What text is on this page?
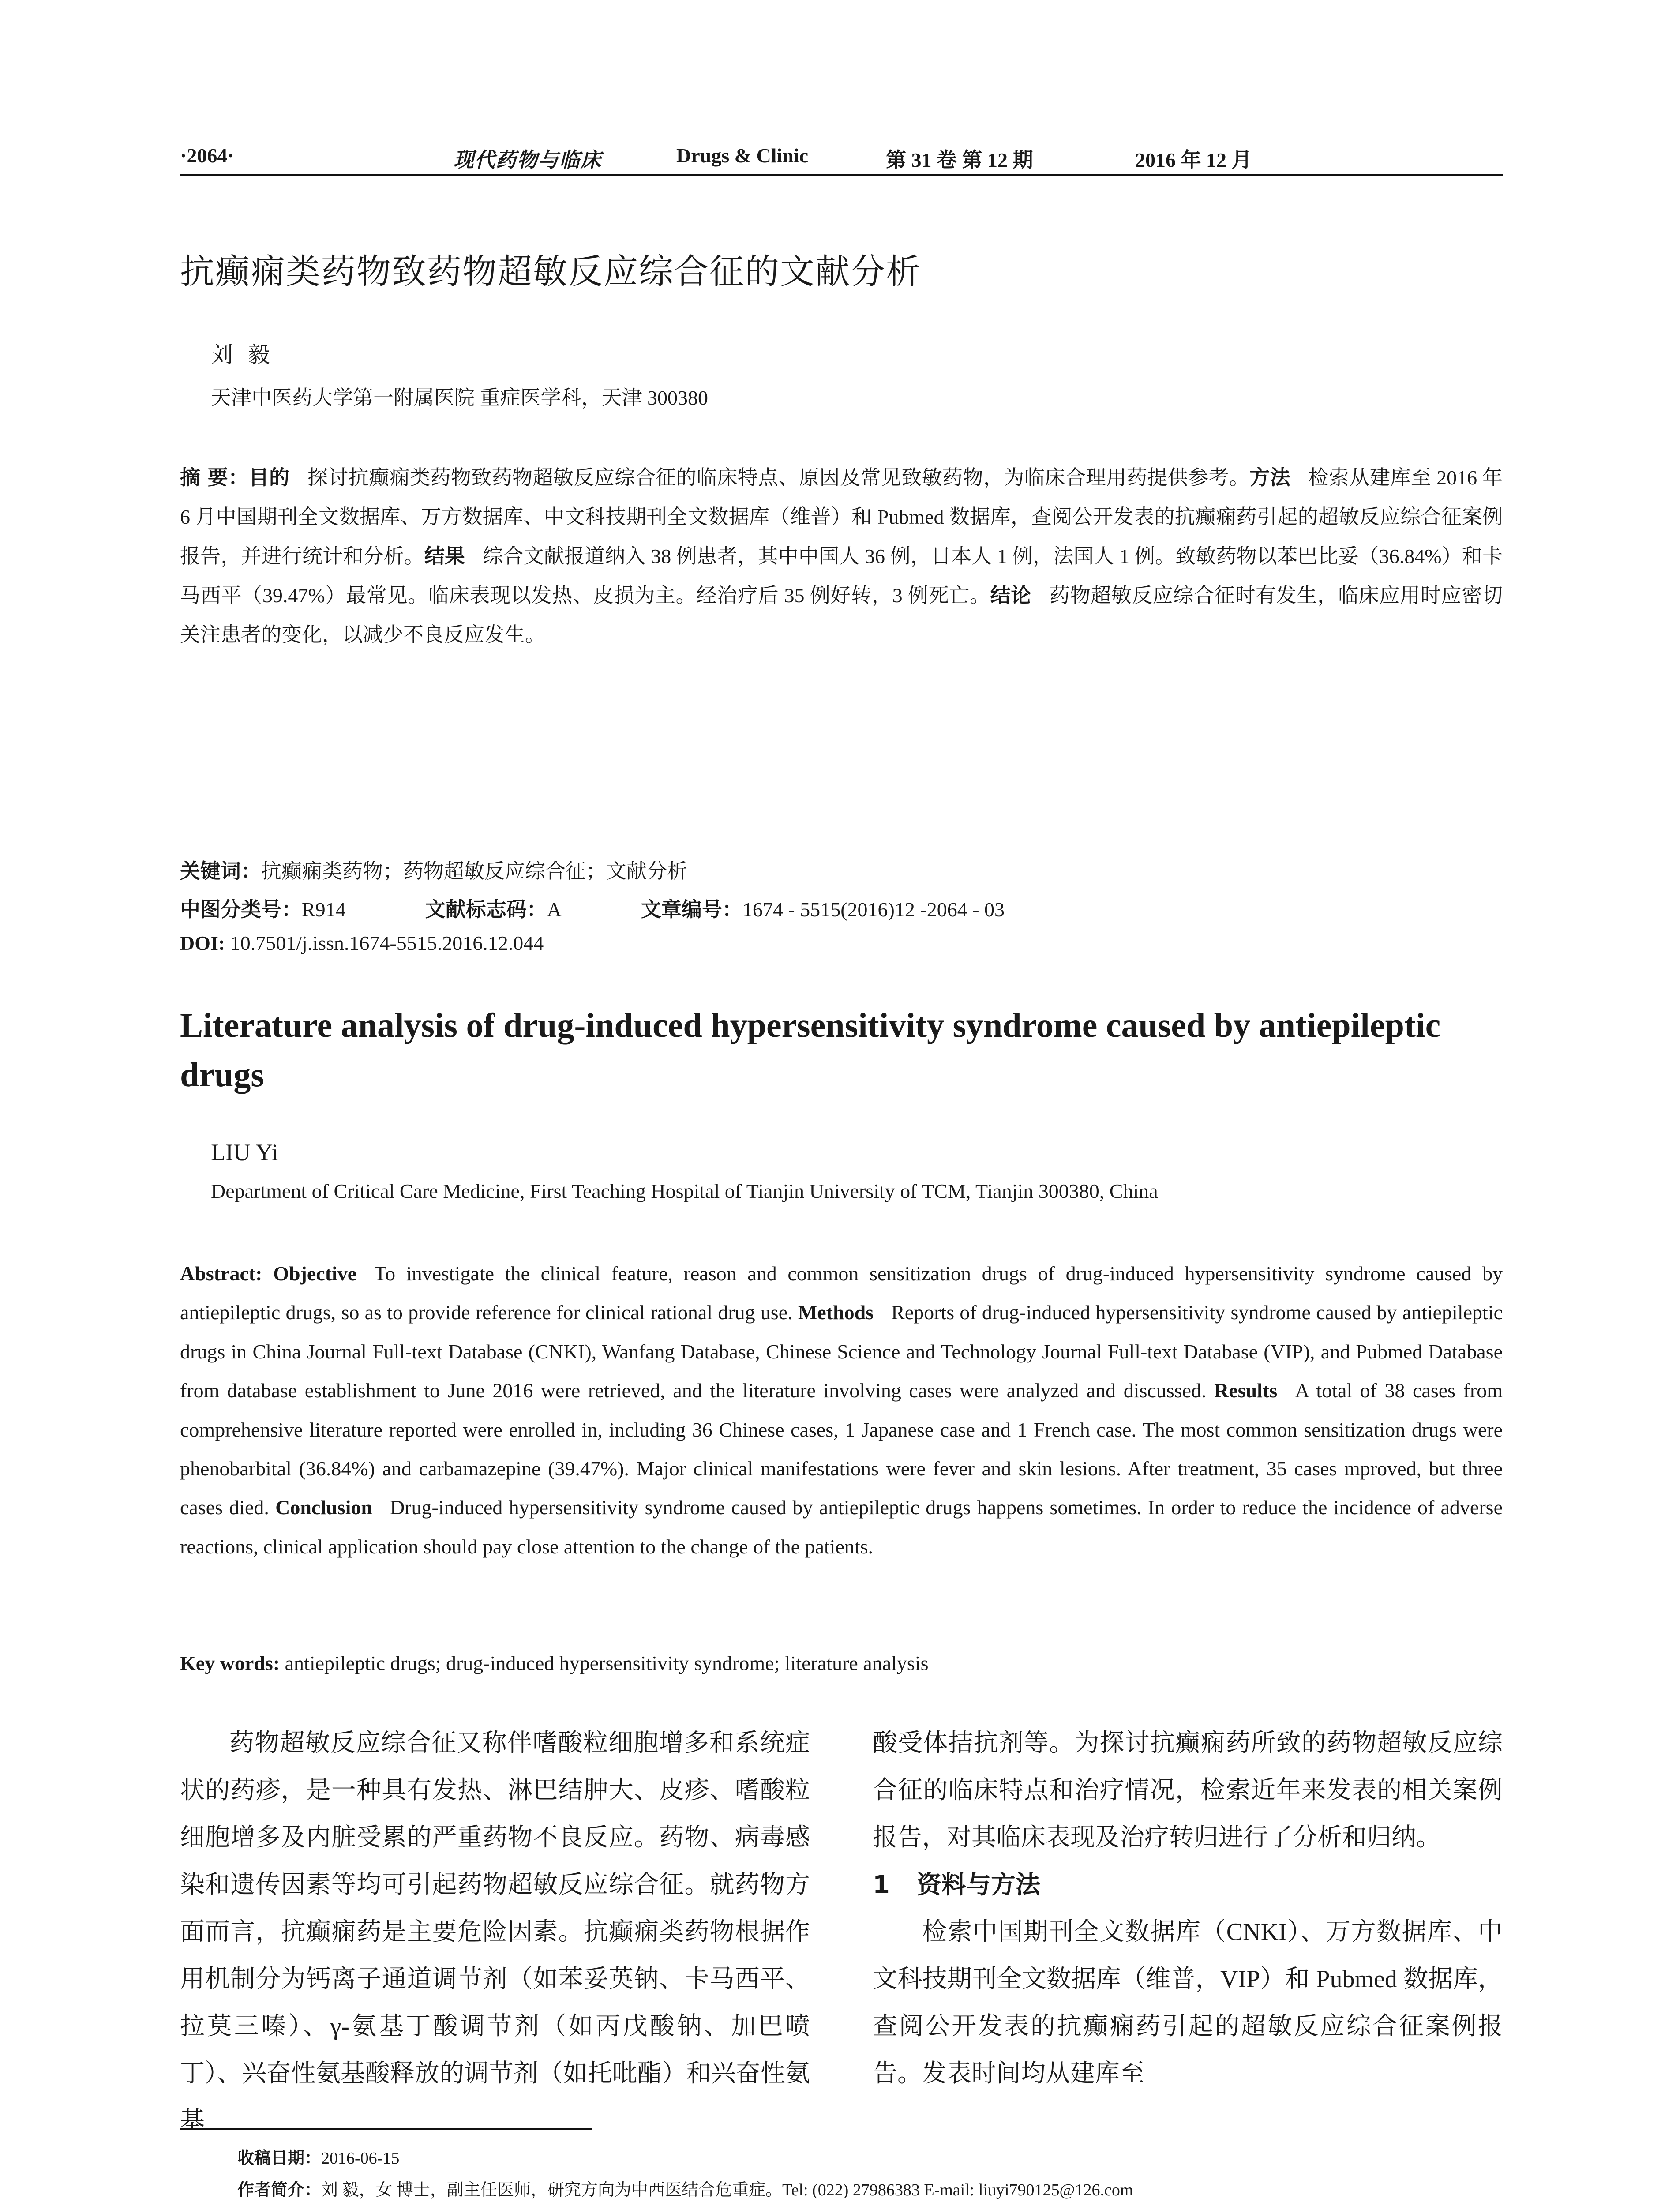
·2064·	现代药物与临床	Drugs & Clinic	第 31 卷 第 12 期	2016 年 12 月
抗癫痫类药物致药物超敏反应综合征的文献分析
刘毅
天津中医药大学第一附属医院 重症医学科，天津 300380
摘 要：目的 探讨抗癫痫类药物致药物超敏反应综合征的临床特点、原因及常见致敏药物，为临床合理用药提供参考。方法 检索从建库至 2016 年 6 月中国期刊全文数据库、万方数据库、中文科技期刊全文数据库（维普）和 Pubmed 数据库，查阅公开发表的抗癫痫药引起的超敏反应综合征案例报告，并进行统计和分析。结果 综合文献报道纳入 38 例患者，其中中国人 36 例，日本人 1 例，法国人 1 例。致敏药物以苯巴比妥（36.84%）和卡马西平（39.47%）最常见。临床表现以发热、皮损为主。经治疗后 35 例好转，3 例死亡。结论 药物超敏反应综合征时有发生，临床应用时应密切关注患者的变化，以减少不良反应发生。
关键词：抗癫痫类药物；药物超敏反应综合征；文献分析
中图分类号：R914	文献标志码：A	文章编号：1674 - 5515(2016)12 -2064 - 03
DOI: 10.7501/j.issn.1674-5515.2016.12.044
Literature analysis of drug-induced hypersensitivity syndrome caused by antiepileptic drugs
LIU Yi
Department of Critical Care Medicine, First Teaching Hospital of Tianjin University of TCM, Tianjin 300380, China
Abstract: Objective To investigate the clinical feature, reason and common sensitization drugs of drug-induced hypersensitivity syndrome caused by antiepileptic drugs, so as to provide reference for clinical rational drug use. Methods Reports of drug-induced hypersensitivity syndrome caused by antiepileptic drugs in China Journal Full-text Database (CNKI), Wanfang Database, Chinese Science and Technology Journal Full-text Database (VIP), and Pubmed Database from database establishment to June 2016 were retrieved, and the literature involving cases were analyzed and discussed. Results A total of 38 cases from comprehensive literature reported were enrolled in, including 36 Chinese cases, 1 Japanese case and 1 French case. The most common sensitization drugs were phenobarbital (36.84%) and carbamazepine (39.47%). Major clinical manifestations were fever and skin lesions. After treatment, 35 cases mproved, but three cases died. Conclusion Drug-induced hypersensitivity syndrome caused by antiepileptic drugs happens sometimes. In order to reduce the incidence of adverse reactions, clinical application should pay close attention to the change of the patients.
Key words: antiepileptic drugs; drug-induced hypersensitivity syndrome; literature analysis

药物超敏反应综合征又称伴嗜酸粒细胞增多和系统症状的药疹，是一种具有发热、淋巴结肿大、皮疹、嗜酸粒细胞增多及内脏受累的严重药物不良反应。药物、病毒感染和遗传因素等均可引起药物超敏反应综合征。就药物方面而言，抗癫痫药是主要危险因素。抗癫痫类药物根据作用机制分为钙离子通道调节剂（如苯妥英钠、卡马西平、拉莫三嗪）、γ-氨基丁酸调节剂（如丙戊酸钠、加巴喷丁）、兴奋性氨基酸释放的调节剂（如托吡酯）和兴奋性氨基

酸受体拮抗剂等。为探讨抗癫痫药所致的药物超敏反应综合征的临床特点和治疗情况，检索近年来发表的相关案例报告，对其临床表现及治疗转归进行了分析和归纳。

1 资料与方法

检索中国期刊全文数据库（CNKI）、万方数据库、中文科技期刊全文数据库（维普，VIP）和 Pubmed 数据库，查阅公开发表的抗癫痫药引起的超敏反应综合征案例报告。发表时间均从建库至

收稿日期：2016-06-15
作者简介：刘 毅，女 博士，副主任医师，研究方向为中西医结合危重症。Tel: (022) 27986383 E-mail: liuyi790125@126.com
